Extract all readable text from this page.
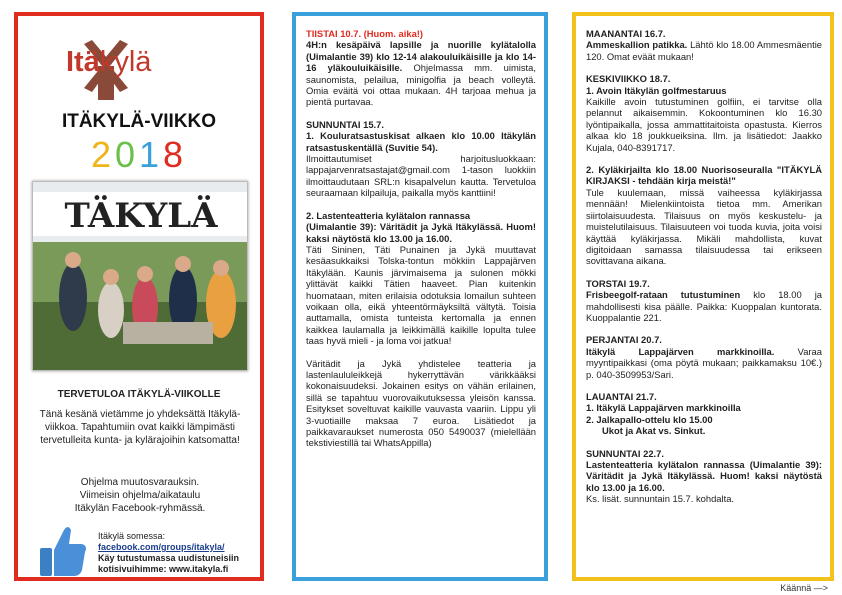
Itäkylä
ITÄKYLÄ-VIIKKO
2018
TÄKYLÄ
TERVETULOA ITÄKYLÄ-VIIKOLLE
Tänä kesänä vietämme jo yhdeksättä Itäkylä-viikkoa. Tapahtumiin ovat kaikki lämpimästi tervetulleita kunta- ja kylärajoihin katsomatta!
Ohjelma muutosvarauksin.
Viimeisin ohjelma/aikataulu
Itäkylän Facebook-ryhmässä.
Itäkylä somessa:
facebook.com/groups/itakyla/
Käy tutustumassa uudistuneisiin
kotisivuihimme: www.itakyla.fi

TIISTAI 10.7. (Huom. aika!)
4H:n kesäpäivä lapsille ja nuorille kylätalolla (Uimalantie 39) klo 12-14 alakouluikäisille ja klo 14-16 yläkouluikäisille. Ohjelmassa mm. uimista, saunomista, pelailua, minigolfia ja beach volleytä. Omia eväitä voi ottaa mukaan. 4H tarjoaa mehua ja pientä purtavaa.

SUNNUNTAI 15.7.
1. Kouluratsastuskisat alkaen klo 10.00 Itäkylän ratsastuskentällä (Suvitie 54).
Ilmoittautumiset harjoitusluokkaan: lappajarvenratsastajat@gmail.com 1-tason luokkiin ilmoittaudutaan SRL:n kisapalvelun kautta. Tervetuloa seuraamaan kilpailuja, paikalla myös kanttiini!

2. Lastenteatteria kylätalon rannassa
(Uimalantie 39): Väritädit ja Jykä Itäkylässä. Huom! kaksi näytöstä klo 13.00 ja 16.00.
Täti Sininen, Täti Punainen ja Jykä muuttavat kesäasukkaiksi Tolska-tontun mökkiin Lappajärven Itäkylään. Kaunis järvimaisema ja sulonen mökki ylittävät kaikki Tätien haaveet. Pian kuitenkin huomataan, miten erilaisia odotuksia lomailun suhteen voikaan olla, eikä yhteentörmäyksiltä vältytä. Toisia auttamalla, omista tunteista kertomalla ja ennen kaikkea laulamalla ja leikkimällä kaikille lopulta tulee taas hyvä mieli - ja loma voi jatkua!

Väritädit ja Jykä yhdistelee teatteria ja lastenlaululeikkejä hykerryttävän värikkääksi kokonaisuudeksi. Jokainen esitys on vähän erilainen, sillä se tapahtuu vuorovaikutuksessa yleisön kanssa. Esitykset soveltuvat kaikille vauvasta vaariin. Lippu yli 3-vuotiaille maksaa 7 euroa. Lisätiedot ja paikkavaraukset numerosta 050 5490037 (mielellään tekstiviestillä tai WhatsAppilla)

MAANANTAI 16.7.
Ammeskallion patikka. Lähtö klo 18.00 Ammesmäentie 120. Omat eväät mukaan!

KESKIVIIKKO 18.7.
1. Avoin Itäkylän golfmestaruus
Kaikille avoin tutustuminen golfiin, ei tarvitse olla pelannut aikaisemmin. Kokoontuminen klo 16.30 lyöntipaikalla, jossa ammattitaitoista opastusta. Kierros alkaa klo 18 joukkueiksina. Ilm. ja lisätiedot: Jaakko Kujala, 040-8391717.

2. Kyläkirjailta klo 18.00 Nuorisoseuralla "ITÄKYLÄ KIRJAKSI - tehdään kirja meistä!"
Tule kuulemaan, missä vaiheessa kyläkirjassa mennään! Mielenkiintoista tietoa mm. Amerikan siirtolaisuudesta. Tilaisuus on myös keskustelu- ja muistelutilaisuus. Tilaisuuteen voi tuoda kuvia, joita voisi käyttää kyläkirjassa. Mikäli mahdollista, kuvat digitoidaan samassa tilaisuudessa tai erikseen sovittavana aikana.

TORSTAI 19.7.
Frisbeegolf-rataan tutustuminen klo 18.00 ja mahdollisesti kisa päälle. Paikka: Kuoppalan kuntorata. Kuoppalantie 221.

PERJANTAI 20.7.
Itäkylä Lappajärven markkinoilla. Varaa myyntipaikkasi (oma pöytä mukaan; paikkamaksu 10€.) p. 040-3509953/Sari.

LAUANTAI 21.7.
1. Itäkylä Lappajärven markkinoilla
2. Jalkapallo-ottelu klo 15.00
Ukot ja Akat vs. Sinkut.

SUNNUNTAI 22.7.
Lastenteatteria kylätalon rannassa (Uimalantie 39): Väritädit ja Jykä Itäkylässä. Huom! kaksi näytöstä klo 13.00 ja 16.00.
Ks. lisät. sunnuntain 15.7. kohdalta.

Käännä —>
